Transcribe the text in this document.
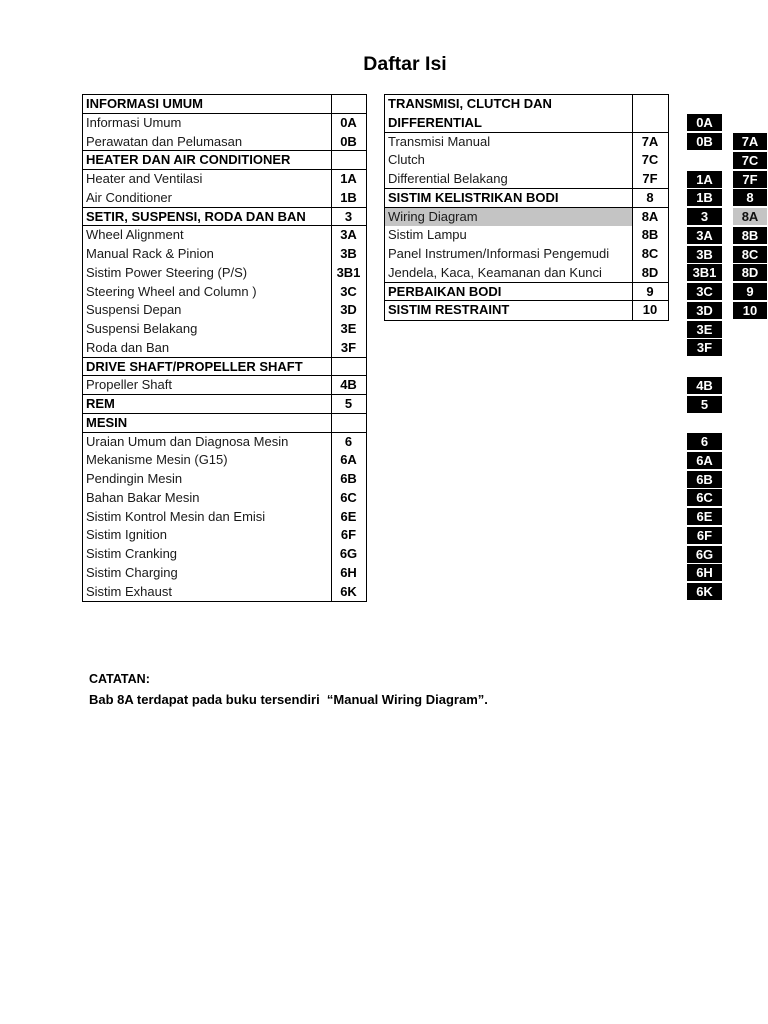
Daftar Isi
INFORMASI UMUM
Informasi Umum	0A
Perawatan dan Pelumasan	0B
HEATER DAN AIR CONDITIONER
Heater and Ventilasi	1A
Air Conditioner	1B
SETIR, SUSPENSI, RODA DAN BAN	3
Wheel Alignment	3A
Manual Rack & Pinion	3B
Sistim Power Steering (P/S)	3B1
Steering Wheel and Column )	3C
Suspensi Depan	3D
Suspensi Belakang	3E
Roda dan Ban	3F
DRIVE SHAFT/PROPELLER SHAFT
Propeller Shaft	4B
REM	5
MESIN
Uraian Umum dan Diagnosa Mesin	6
Mekanisme Mesin (G15)	6A
Pendingin Mesin	6B
Bahan Bakar Mesin	6C
Sistim Kontrol Mesin dan Emisi	6E
Sistim Ignition	6F
Sistim Cranking	6G
Sistim Charging	6H
Sistim Exhaust	6K
TRANSMISI, CLUTCH DAN DIFFERENTIAL
Transmisi Manual	7A
Clutch	7C
Differential Belakang	7F
SISTIM KELISTRIKAN BODI	8
Wiring Diagram	8A
Sistim Lampu	8B
Panel Instrumen/Informasi Pengemudi	8C
Jendela, Kaca, Keamanan dan Kunci	8D
PERBAIKAN BODI	9
SISTIM RESTRAINT	10
CATATAN:
Bab 8A terdapat pada buku tersendiri  “Manual Wiring Diagram”.
0A
0B
1A
1B
3
3A
3B
3B1
3C
3D
3E
3F
4B
5
6
6A
6B
6C
6E
6F
6G
6H
6K
7A
7C
7F
8
8A
8B
8C
8D
9
10
